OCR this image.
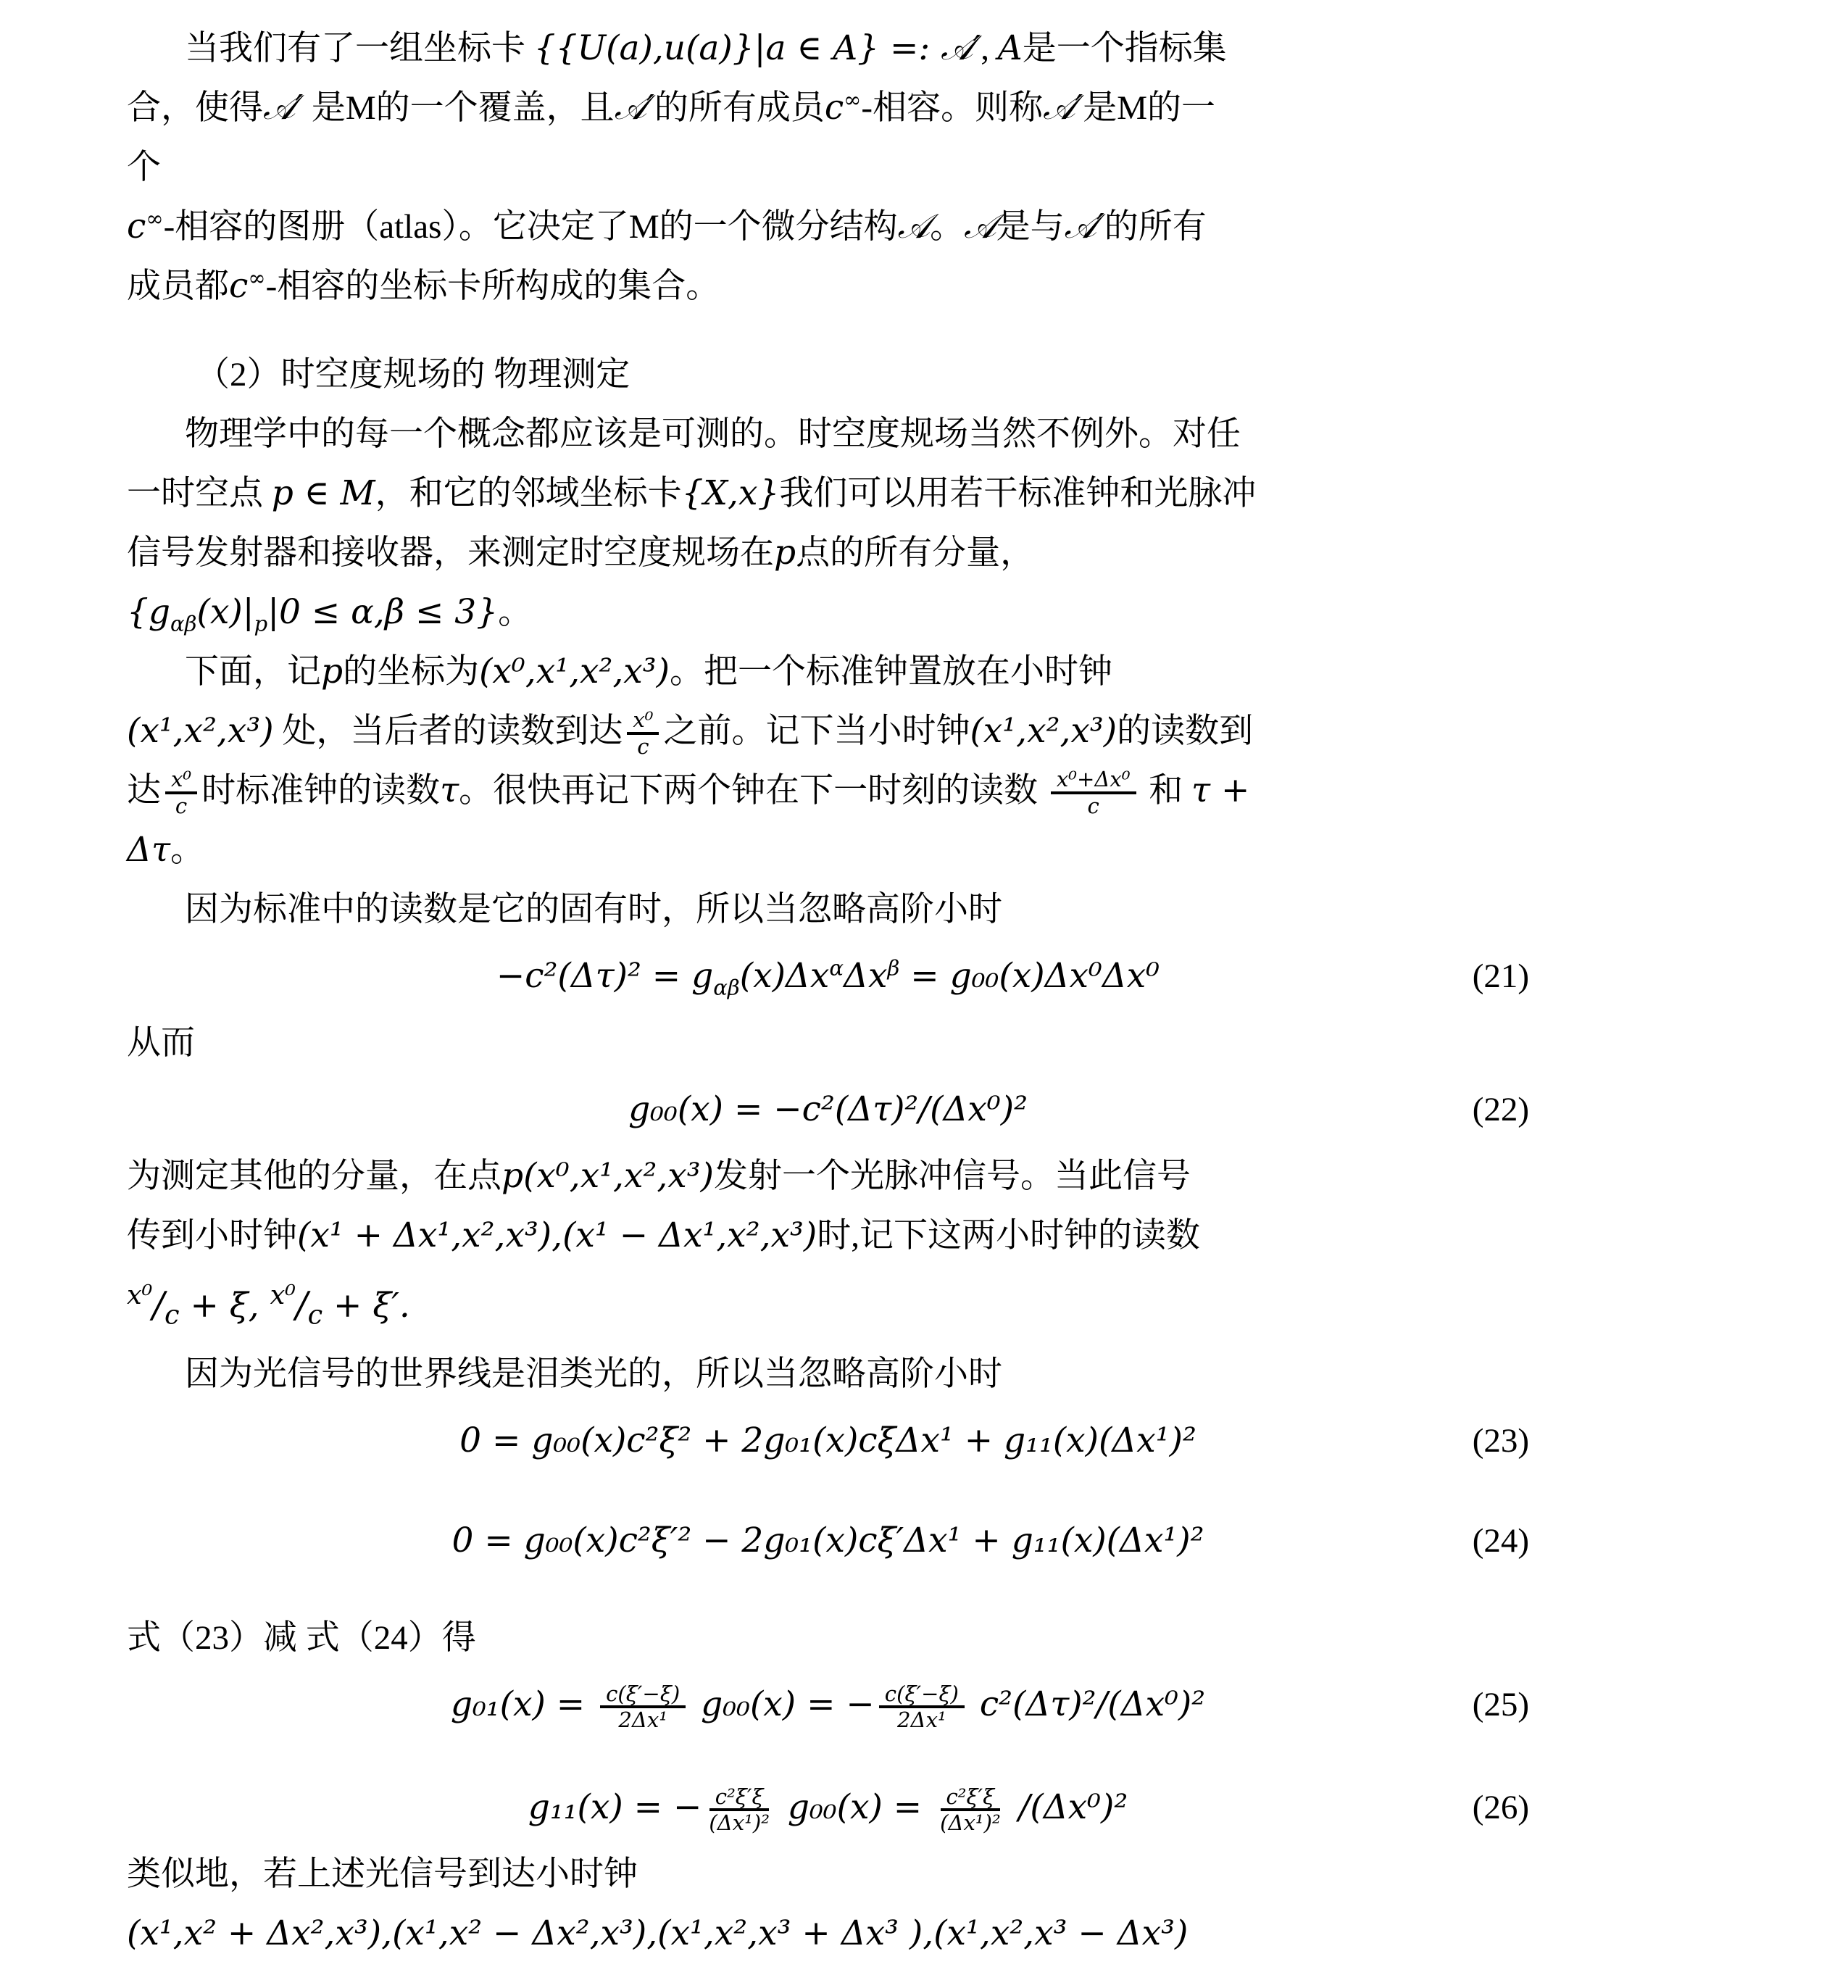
当我们有了一组坐标卡 {{U(a),u(a)}|a ∈ A} =: 𝒜′, A是一个指标集
合，使得𝒜′ 是M的一个覆盖，且𝒜′的所有成员c∞-相容。则称𝒜′是M的一
个
c∞-相容的图册（atlas）。它决定了M的一个微分结构𝒜。𝒜是与𝒜′的所有
成员都c∞-相容的坐标卡所构成的集合。
（2）时空度规场的 物理测定
物理学中的每一个概念都应该是可测的。时空度规场当然不例外。对任
一时空点 p ∈ M，和它的邻域坐标卡{X,x}我们可以用若干标准钟和光脉冲
信号发射器和接收器，来测定时空度规场在p点的所有分量，
$\{g_{\alpha\beta}(x)|_p|0 \le \alpha,\beta \le 3\}$。
下面，记p的坐标为(x⁰,x¹,x²,x³)。把一个标准钟置放在小时钟
(x¹,x²,x³) 处，当后者的读数到达 $\frac{\text{x⁰}}{c}$ 之前。记下当小时钟(x¹,x²,x³)的读数到
达 $\frac{\text{x⁰}}{c}$ 时标准钟的读数τ。很快再记下两个钟在下一时刻的读数 $\frac{\text{x⁰+Δx⁰}}{c}$ 和 τ +
Δτ。
因为标准中的读数是它的固有时，所以当忽略高阶小时
$-c^2(\Delta\tau)^2 = g_{\alpha\beta}(x)\Delta x^\alpha\Delta x^\beta = g_{00}(x)\Delta x^0\Delta x^0$	(21)
从而
g₀₀(x) = −c²(Δτ)²/(Δx⁰)²	(22)
为测定其他的分量，在点p(x⁰,x¹,x²,x³)发射一个光脉冲信号。当此信号
传到小时钟(x¹ + Δx¹,x²,x³),(x¹ − Δx¹,x²,x³)时,记下这两小时钟的读数
$^{x^0}$/c + ξ, $^{x^0}$/c + ξ′.
因为光信号的世界线是泪类光的，所以当忽略高阶小时
0 = g₀₀(x)c²ξ² + 2g₀₁(x)cξΔx¹ + g₁₁(x)(Δx¹)²	(23)
0 = g₀₀(x)c²ξ′² − 2g₀₁(x)cξ′Δx¹ + g₁₁(x)(Δx¹)²	(24)
式（23）减 式（24）得
$g_{01}(x) = \frac{c(\xi'-\xi)}{\text{2Δx¹}} g_{00}(x)$ = − $\frac{c(\xi'-\xi)}{\text{2Δx¹}} c^2(\Delta\tau)^2/(\Delta x^0)^2$	(25)
g₁₁(x) = − $\frac{\text{c²ξ′ξ}}{\text{(Δx¹)²}} g_{00}(x) = \frac{\text{c²ξ′ξ}}{\text{(Δx¹)²}} /(\Delta x^0)^2$	(26)
类似地，若上述光信号到达小时钟
(x¹,x² + Δx²,x³),(x¹,x² − Δx²,x³),(x¹,x²,x³ + Δx³ ),(x¹,x²,x³ − Δx³)
